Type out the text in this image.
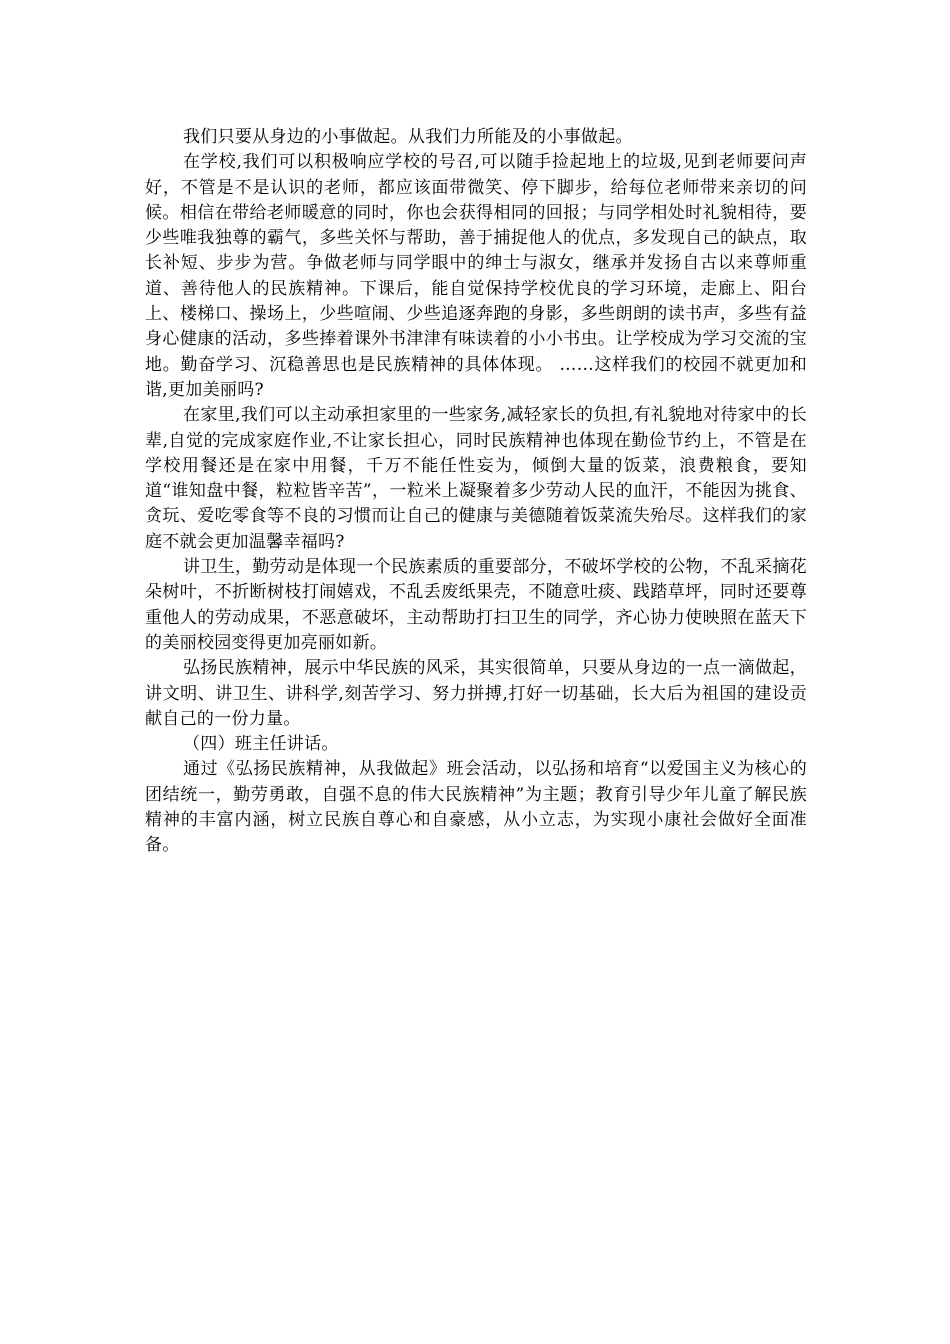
我们只要从身边的小事做起。从我们力所能及的小事做起。

在学校,我们可以积极响应学校的号召,可以随手捡起地上的垃圾,见到老师要问声好，不管是不是认识的老师，都应该面带微笑、停下脚步，给每位老师带来亲切的问候。相信在带给老师暖意的同时，你也会获得相同的回报；与同学相处时礼貌相待，要少些唯我独尊的霸气，多些关怀与帮助，善于捕捉他人的优点，多发现自己的缺点，取长补短、步步为营。争做老师与同学眼中的绅士与淑女，继承并发扬自古以来尊师重道、善待他人的民族精神。下课后，能自觉保持学校优良的学习环境，走廊上、阳台上、楼梯口、操场上，少些喧闹、少些追逐奔跑的身影，多些朗朗的读书声，多些有益身心健康的活动，多些捧着课外书津津有味读着的小小书虫。让学校成为学习交流的宝地。勤奋学习、沉稳善思也是民族精神的具体体现。 ……这样我们的校园不就更加和谐,更加美丽吗?

在家里,我们可以主动承担家里的一些家务,减轻家长的负担,有礼貌地对待家中的长辈,自觉的完成家庭作业,不让家长担心，同时民族精神也体现在勤俭节约上，不管是在学校用餐还是在家中用餐，千万不能任性妄为，倾倒大量的饭菜，浪费粮食，要知道“谁知盘中餐，粒粒皆辛苦”，一粒米上凝聚着多少劳动人民的血汗，不能因为挑食、贪玩、爱吃零食等不良的习惯而让自己的健康与美德随着饭菜流失殆尽。这样我们的家庭不就会更加温馨幸福吗?

讲卫生，勤劳动是体现一个民族素质的重要部分，不破坏学校的公物，不乱采摘花朵树叶，不折断树枝打闹嬉戏，不乱丢废纸果壳，不随意吐痰、践踏草坪，同时还要尊重他人的劳动成果，不恶意破坏，主动帮助打扫卫生的同学，齐心协力使映照在蓝天下的美丽校园变得更加亮丽如新。

弘扬民族精神，展示中华民族的风采，其实很简单，只要从身边的一点一滴做起，讲文明、讲卫生、讲科学,刻苦学习、努力拼搏,打好一切基础，长大后为祖国的建设贡献自己的一份力量。

（四）班主任讲话。

通过《弘扬民族精神，从我做起》班会活动，以弘扬和培育“以爱国主义为核心的团结统一，勤劳勇敢，自强不息的伟大民族精神”为主题；教育引导少年儿童了解民族精神的丰富内涵，树立民族自尊心和自豪感，从小立志，为实现小康社会做好全面准备。
